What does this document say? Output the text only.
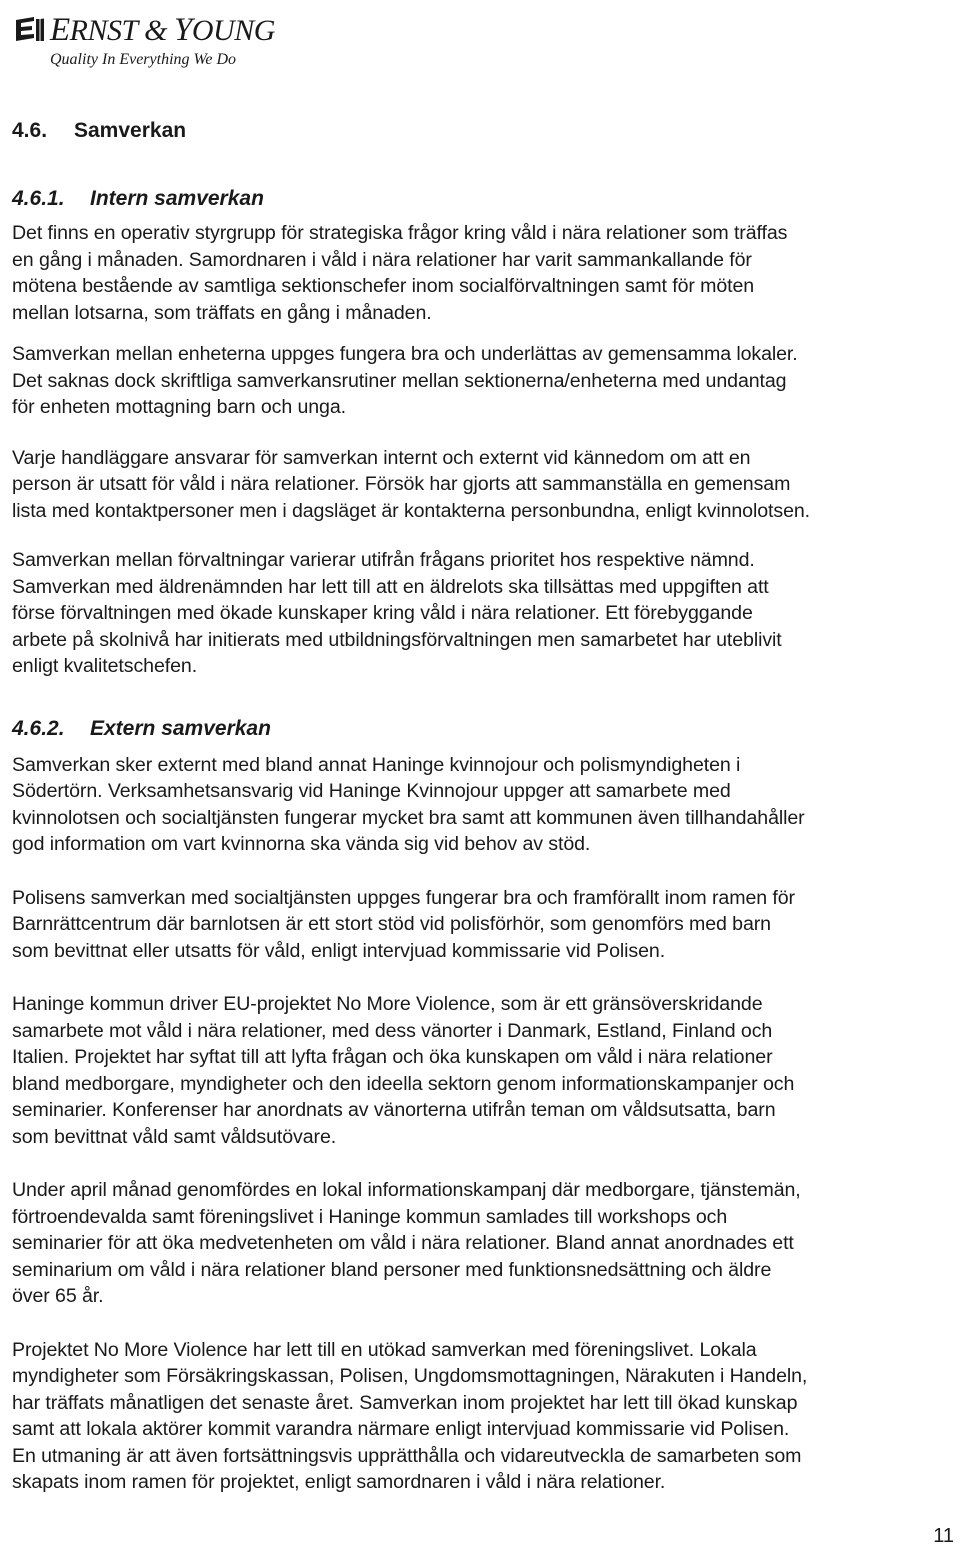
ERNST & YOUNG
Quality In Everything We Do
4.6. Samverkan
4.6.1. Intern samverkan
Det finns en operativ styrgrupp för strategiska frågor kring våld i nära relationer som träffas
en gång i månaden. Samordnaren i våld i nära relationer har varit sammankallande för
mötena bestående av samtliga sektionschefer inom socialförvaltningen samt för möten
mellan lotsarna, som träffats en gång i månaden.
Samverkan mellan enheterna uppges fungera bra och underlättas av gemensamma lokaler.
Det saknas dock skriftliga samverkansrutiner mellan sektionerna/enheterna med undantag
för enheten mottagning barn och unga.
Varje handläggare ansvarar för samverkan internt och externt vid kännedom om att en
person är utsatt för våld i nära relationer. Försök har gjorts att sammanställa en gemensam
lista med kontaktpersoner men i dagsläget är kontakterna personbundna, enligt kvinnolotsen.
Samverkan mellan förvaltningar varierar utifrån frågans prioritet hos respektive nämnd.
Samverkan med äldrenämnden har lett till att en äldrelots ska tillsättas med uppgiften att
förse förvaltningen med ökade kunskaper kring våld i nära relationer. Ett förebyggande
arbete på skolnivå har initierats med utbildningsförvaltningen men samarbetet har uteblivit
enligt kvalitetschefen.
4.6.2. Extern samverkan
Samverkan sker externt med bland annat Haninge kvinnojour och polismyndigheten i
Södertörn. Verksamhetsansvarig vid Haninge Kvinnojour uppger att samarbete med
kvinnolotsen och socialtjänsten fungerar mycket bra samt att kommunen även tillhandahåller
god information om vart kvinnorna ska vända sig vid behov av stöd.
Polisens samverkan med socialtjänsten uppges fungerar bra och framförallt inom ramen för
Barnrättcentrum där barnlotsen är ett stort stöd vid polisförhör, som genomförs med barn
som bevittnat eller utsatts för våld, enligt intervjuad kommissarie vid Polisen.
Haninge kommun driver EU-projektet No More Violence, som är ett gränsöverskridande
samarbete mot våld i nära relationer, med dess vänorter i Danmark, Estland, Finland och
Italien. Projektet har syftat till att lyfta frågan och öka kunskapen om våld i nära relationer
bland medborgare, myndigheter och den ideella sektorn genom informationskampanjer och
seminarier. Konferenser har anordnats av vänorterna utifrån teman om våldsutsatta, barn
som bevittnat våld samt våldsutövare.
Under april månad genomfördes en lokal informationskampanj där medborgare, tjänstemän,
förtroendevalda samt föreningslivet i Haninge kommun samlades till workshops och
seminarier för att öka medvetenheten om våld i nära relationer. Bland annat anordnades ett
seminarium om våld i nära relationer bland personer med funktionsnedsättning och äldre
över 65 år.
Projektet No More Violence har lett till en utökad samverkan med föreningslivet. Lokala
myndigheter som Försäkringskassan, Polisen, Ungdomsmottagningen, Närakuten i Handeln,
har träffats månatligen det senaste året. Samverkan inom projektet har lett till ökad kunskap
samt att lokala aktörer kommit varandra närmare enligt intervjuad kommissarie vid Polisen.
En utmaning är att även fortsättningsvis upprätthålla och vidareutveckla de samarbeten som
skapats inom ramen för projektet, enligt samordnaren i våld i nära relationer.
11
